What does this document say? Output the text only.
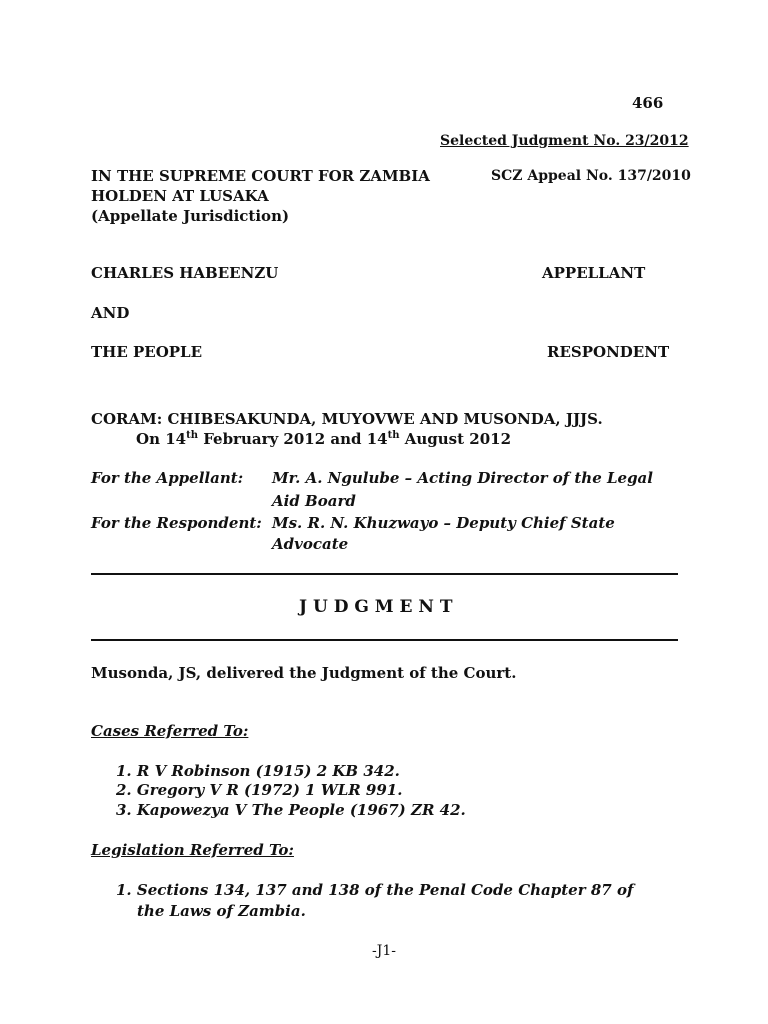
466
Selected Judgment No. 23/2012
IN THE SUPREME COURT FOR ZAMBIA	SCZ Appeal No. 137/2010
HOLDEN AT LUSAKA
(Appellate Jurisdiction)
CHARLES HABEENZU	APPELLANT
AND
THE PEOPLE	RESPONDENT
CORAM: CHIBESAKUNDA, MUYOVWE AND MUSONDA, JJJS.
On 14th February 2012 and 14th August 2012
For the Appellant: Mr. A. Ngulube – Acting Director of the Legal
Aid Board
For the Respondent: Ms. R. N. Khuzwayo – Deputy Chief State
Advocate
J U D G M E N T
Musonda, JS, delivered the Judgment of the Court.
Cases Referred To:
1. R V Robinson (1915) 2 KB 342.
2. Gregory V R (1972) 1 WLR 991.
3. Kapowezya V The People (1967) ZR 42.
Legislation Referred To:
1. Sections 134, 137 and 138 of the Penal Code Chapter 87 of
the Laws of Zambia.
-J1-
